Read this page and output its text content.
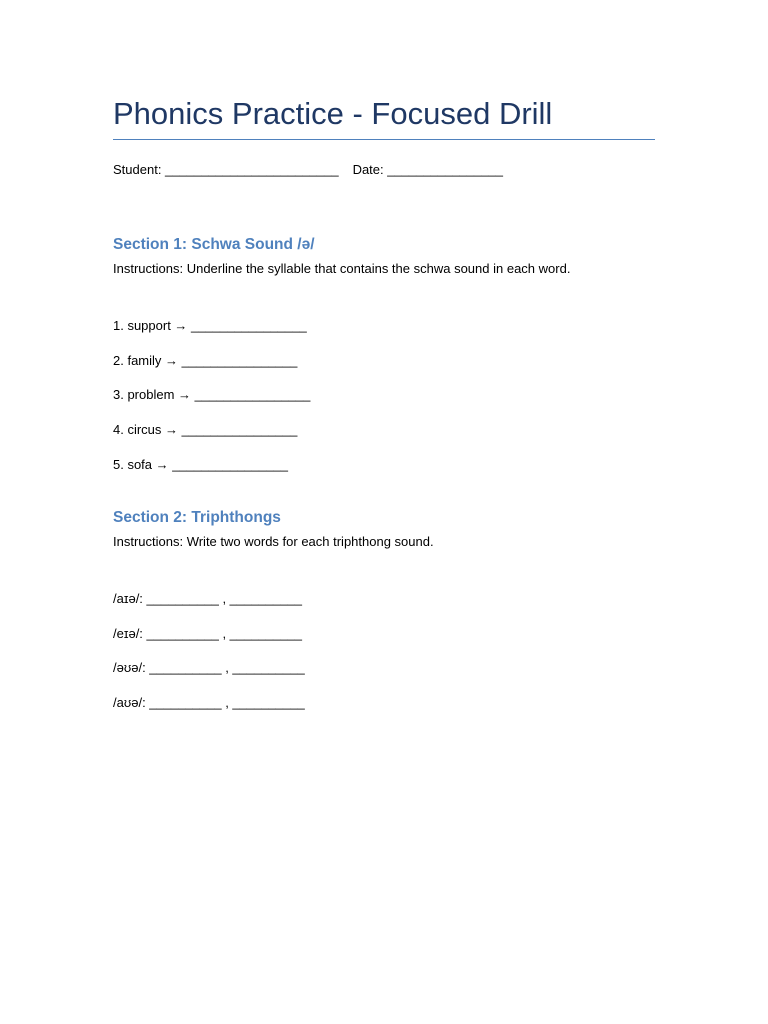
Phonics Practice - Focused Drill
Student: ________________________ Date: ________________
Section 1: Schwa Sound /ə/
Instructions: Underline the syllable that contains the schwa sound in each word.
1. support → ________________
2. family → ________________
3. problem → ________________
4. circus → ________________
5. sofa → ________________
Section 2: Triphthongs
Instructions: Write two words for each triphthong sound.
/aɪə/: __________ , __________
/eɪə/: __________ , __________
/əʊə/: __________ , __________
/aʊə/: __________ , __________
